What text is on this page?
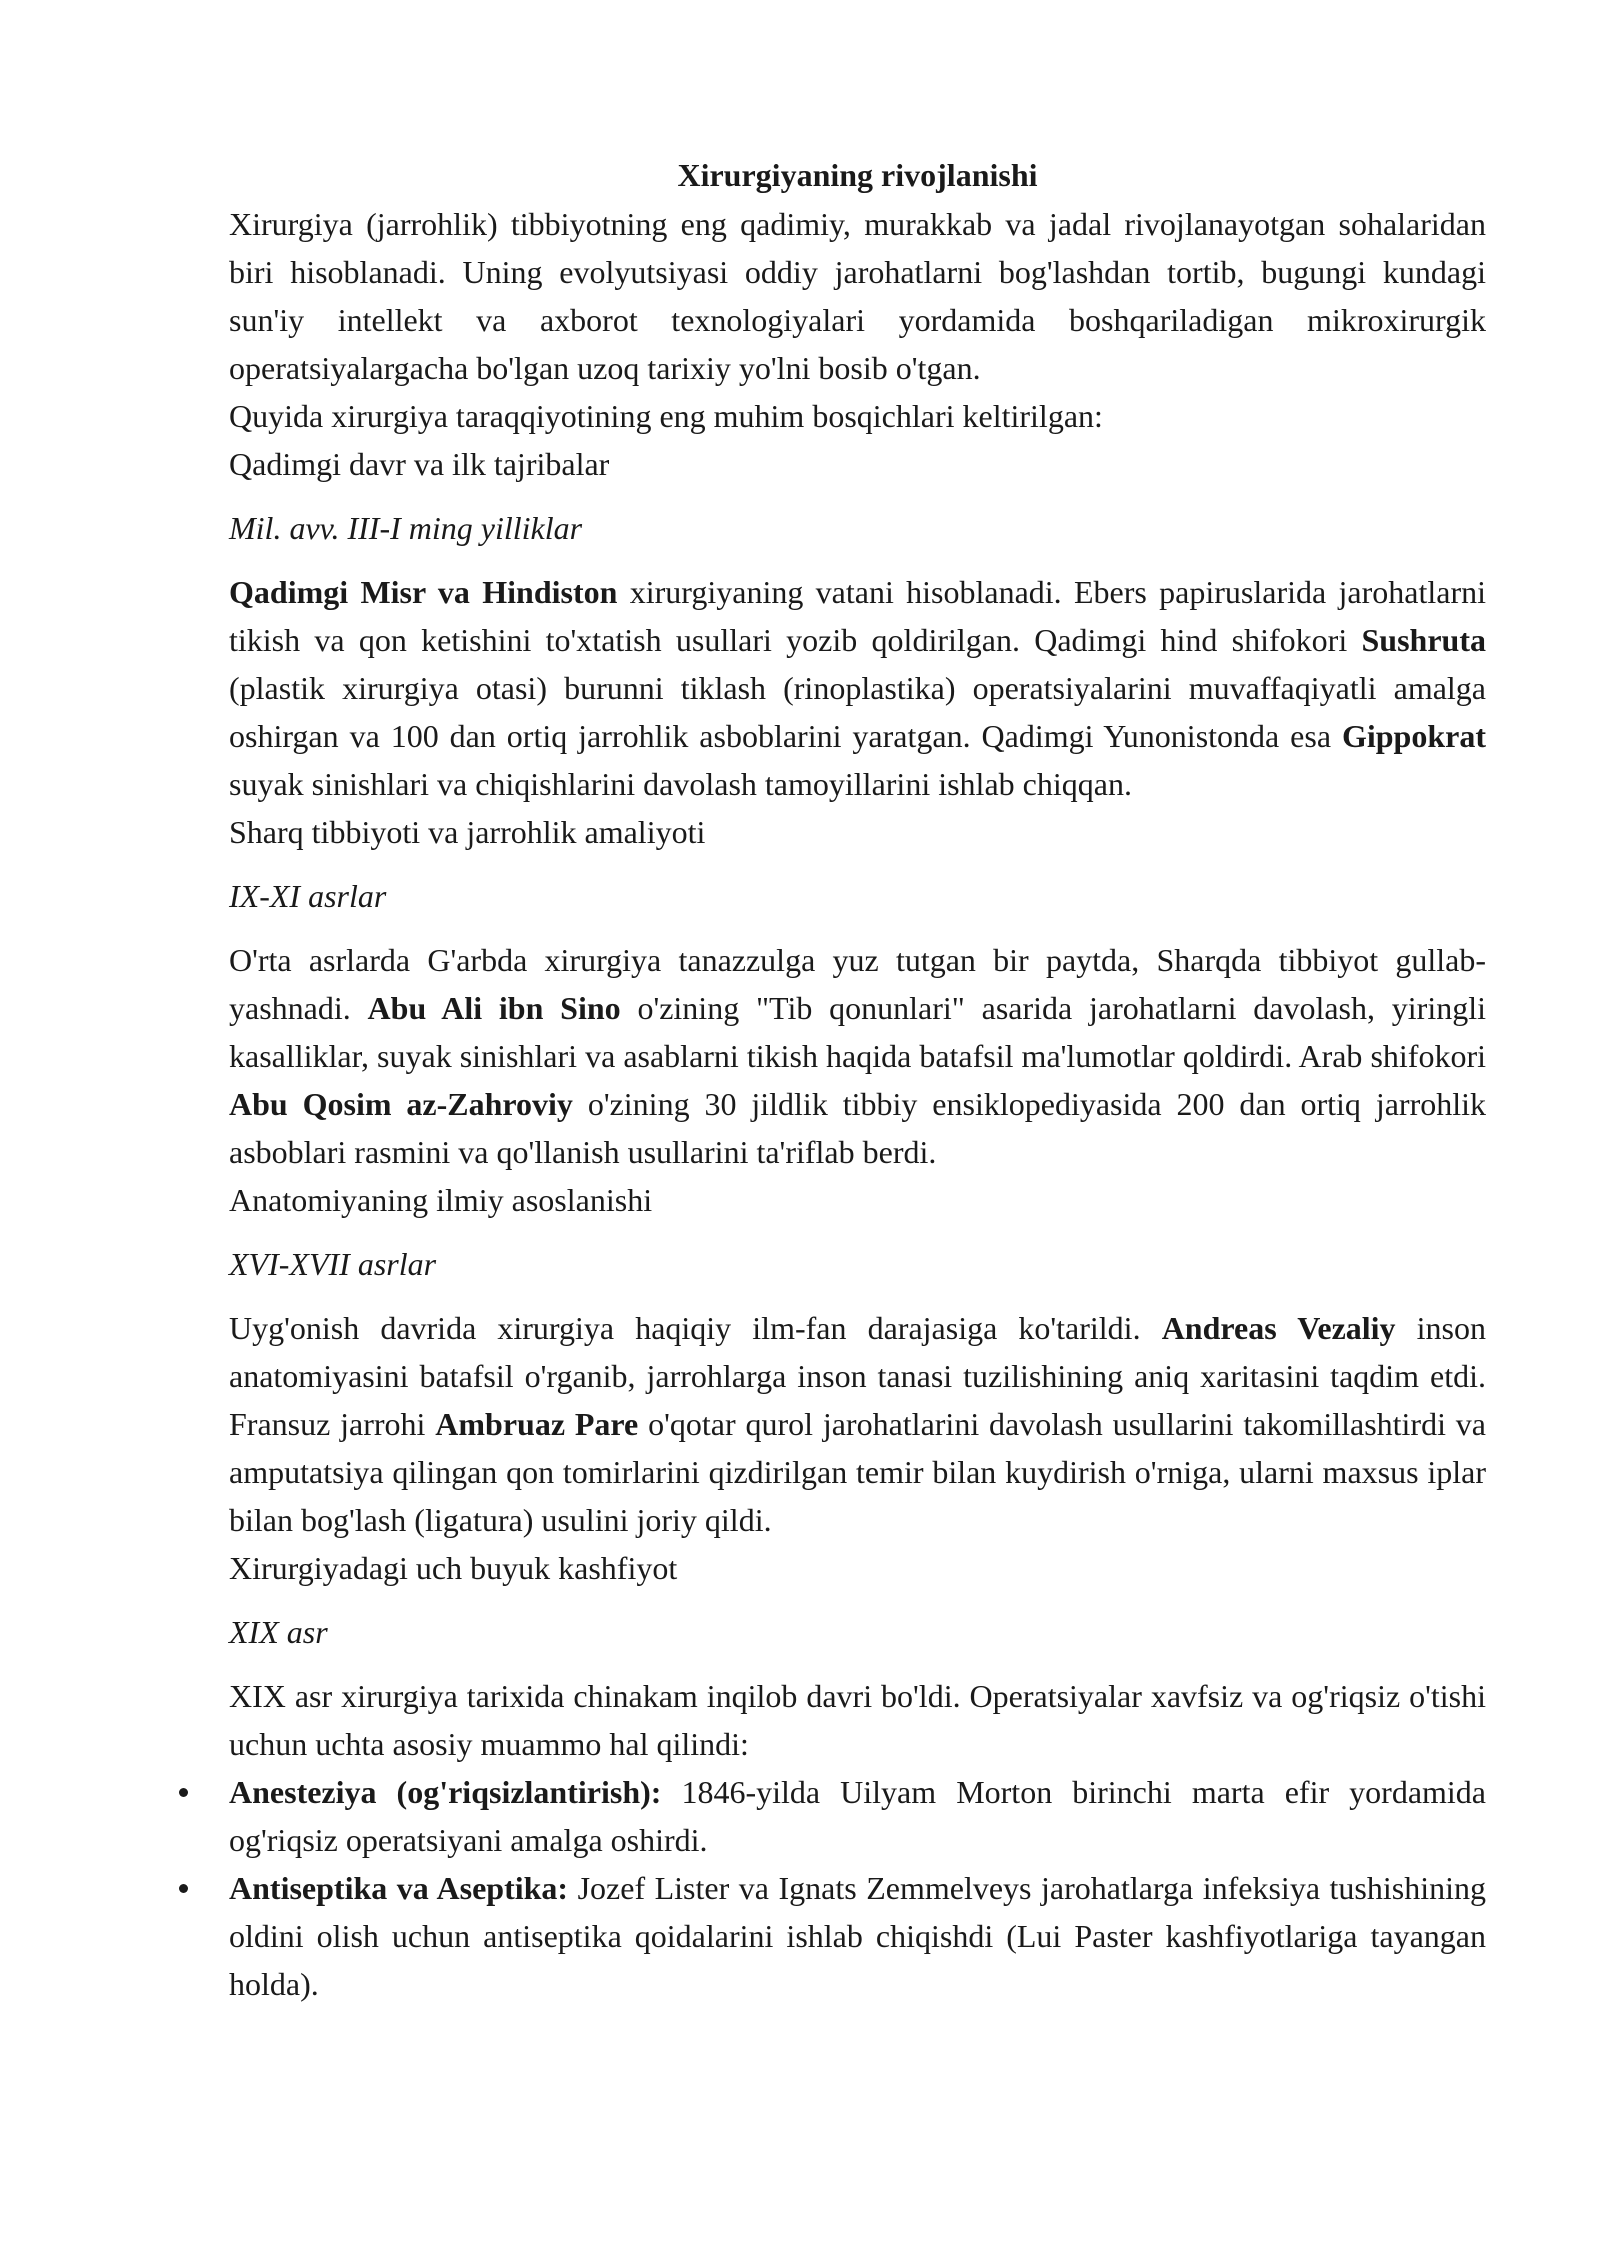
Xirurgiyaning rivojlanishi

Xirurgiya (jarrohlik) tibbiyotning eng qadimiy, murakkab va jadal rivojlanayotgan sohalaridan biri hisoblanadi. Uning evolyutsiyasi oddiy jarohatlarni bog'lashdan tortib, bugungi kundagi sun'iy intellekt va axborot texnologiyalari yordamida boshqariladigan mikroxirurgik operatsiyalargacha bo'lgan uzoq tarixiy yo'lni bosib o'tgan.

Quyida xirurgiya taraqqiyotining eng muhim bosqichlari keltirilgan:

Qadimgi davr va ilk tajribalar

Mil. avv. III-I ming yilliklar

Qadimgi Misr va Hindiston xirurgiyaning vatani hisoblanadi. Ebers papiruslarida jarohatlarni tikish va qon ketishini to'xtatish usullari yozib qoldirilgan. Qadimgi hind shifokori Sushruta (plastik xirurgiya otasi) burunni tiklash (rinoplastika) operatsiyalarini muvaffaqiyatli amalga oshirgan va 100 dan ortiq jarrohlik asboblarini yaratgan. Qadimgi Yunonistonda esa Gippokrat suyak sinishlari va chiqishlarini davolash tamoyillarini ishlab chiqqan.

Sharq tibbiyoti va jarrohlik amaliyoti

IX-XI asrlar

O'rta asrlarda G'arbda xirurgiya tanazzulga yuz tutgan bir paytda, Sharqda tibbiyot gullab-yashnadi. Abu Ali ibn Sino o'zining "Tib qonunlari" asarida jarohatlarni davolash, yiringli kasalliklar, suyak sinishlari va asablarni tikish haqida batafsil ma'lumotlar qoldirdi. Arab shifokori Abu Qosim az-Zahroviy o'zining 30 jildlik tibbiy ensiklopediyasida 200 dan ortiq jarrohlik asboblari rasmini va qo'llanish usullarini ta'riflab berdi.

Anatomiyaning ilmiy asoslanishi

XVI-XVII asrlar

Uyg'onish davrida xirurgiya haqiqiy ilm-fan darajasiga ko'tarildi. Andreas Vezaliy inson anatomiyasini batafsil o'rganib, jarrohlarga inson tanasi tuzilishining aniq xaritasini taqdim etdi. Fransuz jarrohi Ambruaz Pare o'qotar qurol jarohatlarini davolash usullarini takomillashtirdi va amputatsiya qilingan qon tomirlarini qizdirilgan temir bilan kuydirish o'rniga, ularni maxsus iplar bilan bog'lash (ligatura) usulini joriy qildi.

Xirurgiyadagi uch buyuk kashfiyot

XIX asr

XIX asr xirurgiya tarixida chinakam inqilob davri bo'ldi. Operatsiyalar xavfsiz va og'riqsiz o'tishi uchun uchta asosiy muammo hal qilindi:

Anesteziya (og'riqsizlantirish): 1846-yilda Uilyam Morton birinchi marta efir yordamida og'riqsiz operatsiyani amalga oshirdi.
Antiseptika va Aseptika: Jozef Lister va Ignats Zemmelveys jarohatlarga infeksiya tushishining oldini olish uchun antiseptika qoidalarini ishlab chiqishdi (Lui Paster kashfiyotlariga tayangan holda).
